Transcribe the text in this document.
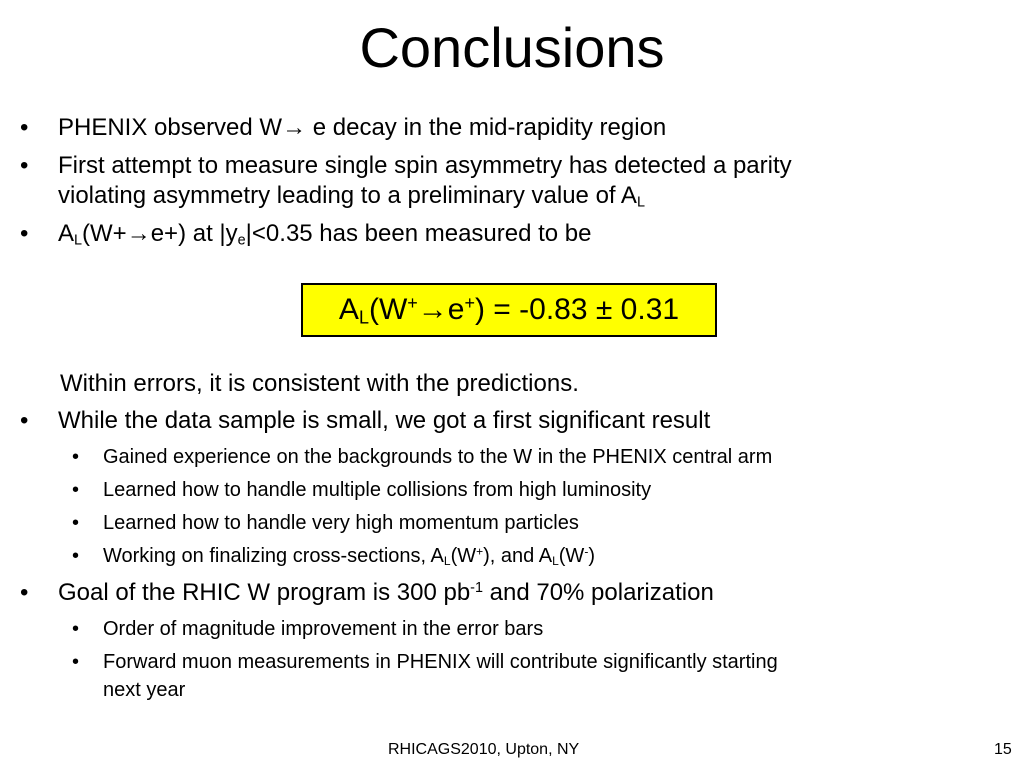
Conclusions
• PHENIX observed W→ e decay in the mid-rapidity region
• First attempt to measure single spin asymmetry has detected a parity
violating asymmetry leading to a preliminary value of $A_L$
• $A_L(W+\to e+)$ at $|y_e|<0.35$ has been measured to be
$A_L(W^+\to e^+) = -0.83 \pm 0.31$
Within errors, it is consistent with the predictions.
• While the data sample is small, we got a first significant result
• Gained experience on the backgrounds to the W in the PHENIX central arm
• Learned how to handle multiple collisions from high luminosity
• Learned how to handle very high momentum particles
• Working on finalizing cross-sections, $A_L(W^+)$, and $A_L(W^-)$
• Goal of the RHIC W program is 300 $pb^{-1}$ and 70% polarization
• Order of magnitude improvement in the error bars
• Forward muon measurements in PHENIX will contribute significantly starting
next year
RHICAGS2010, Upton, NY	15
